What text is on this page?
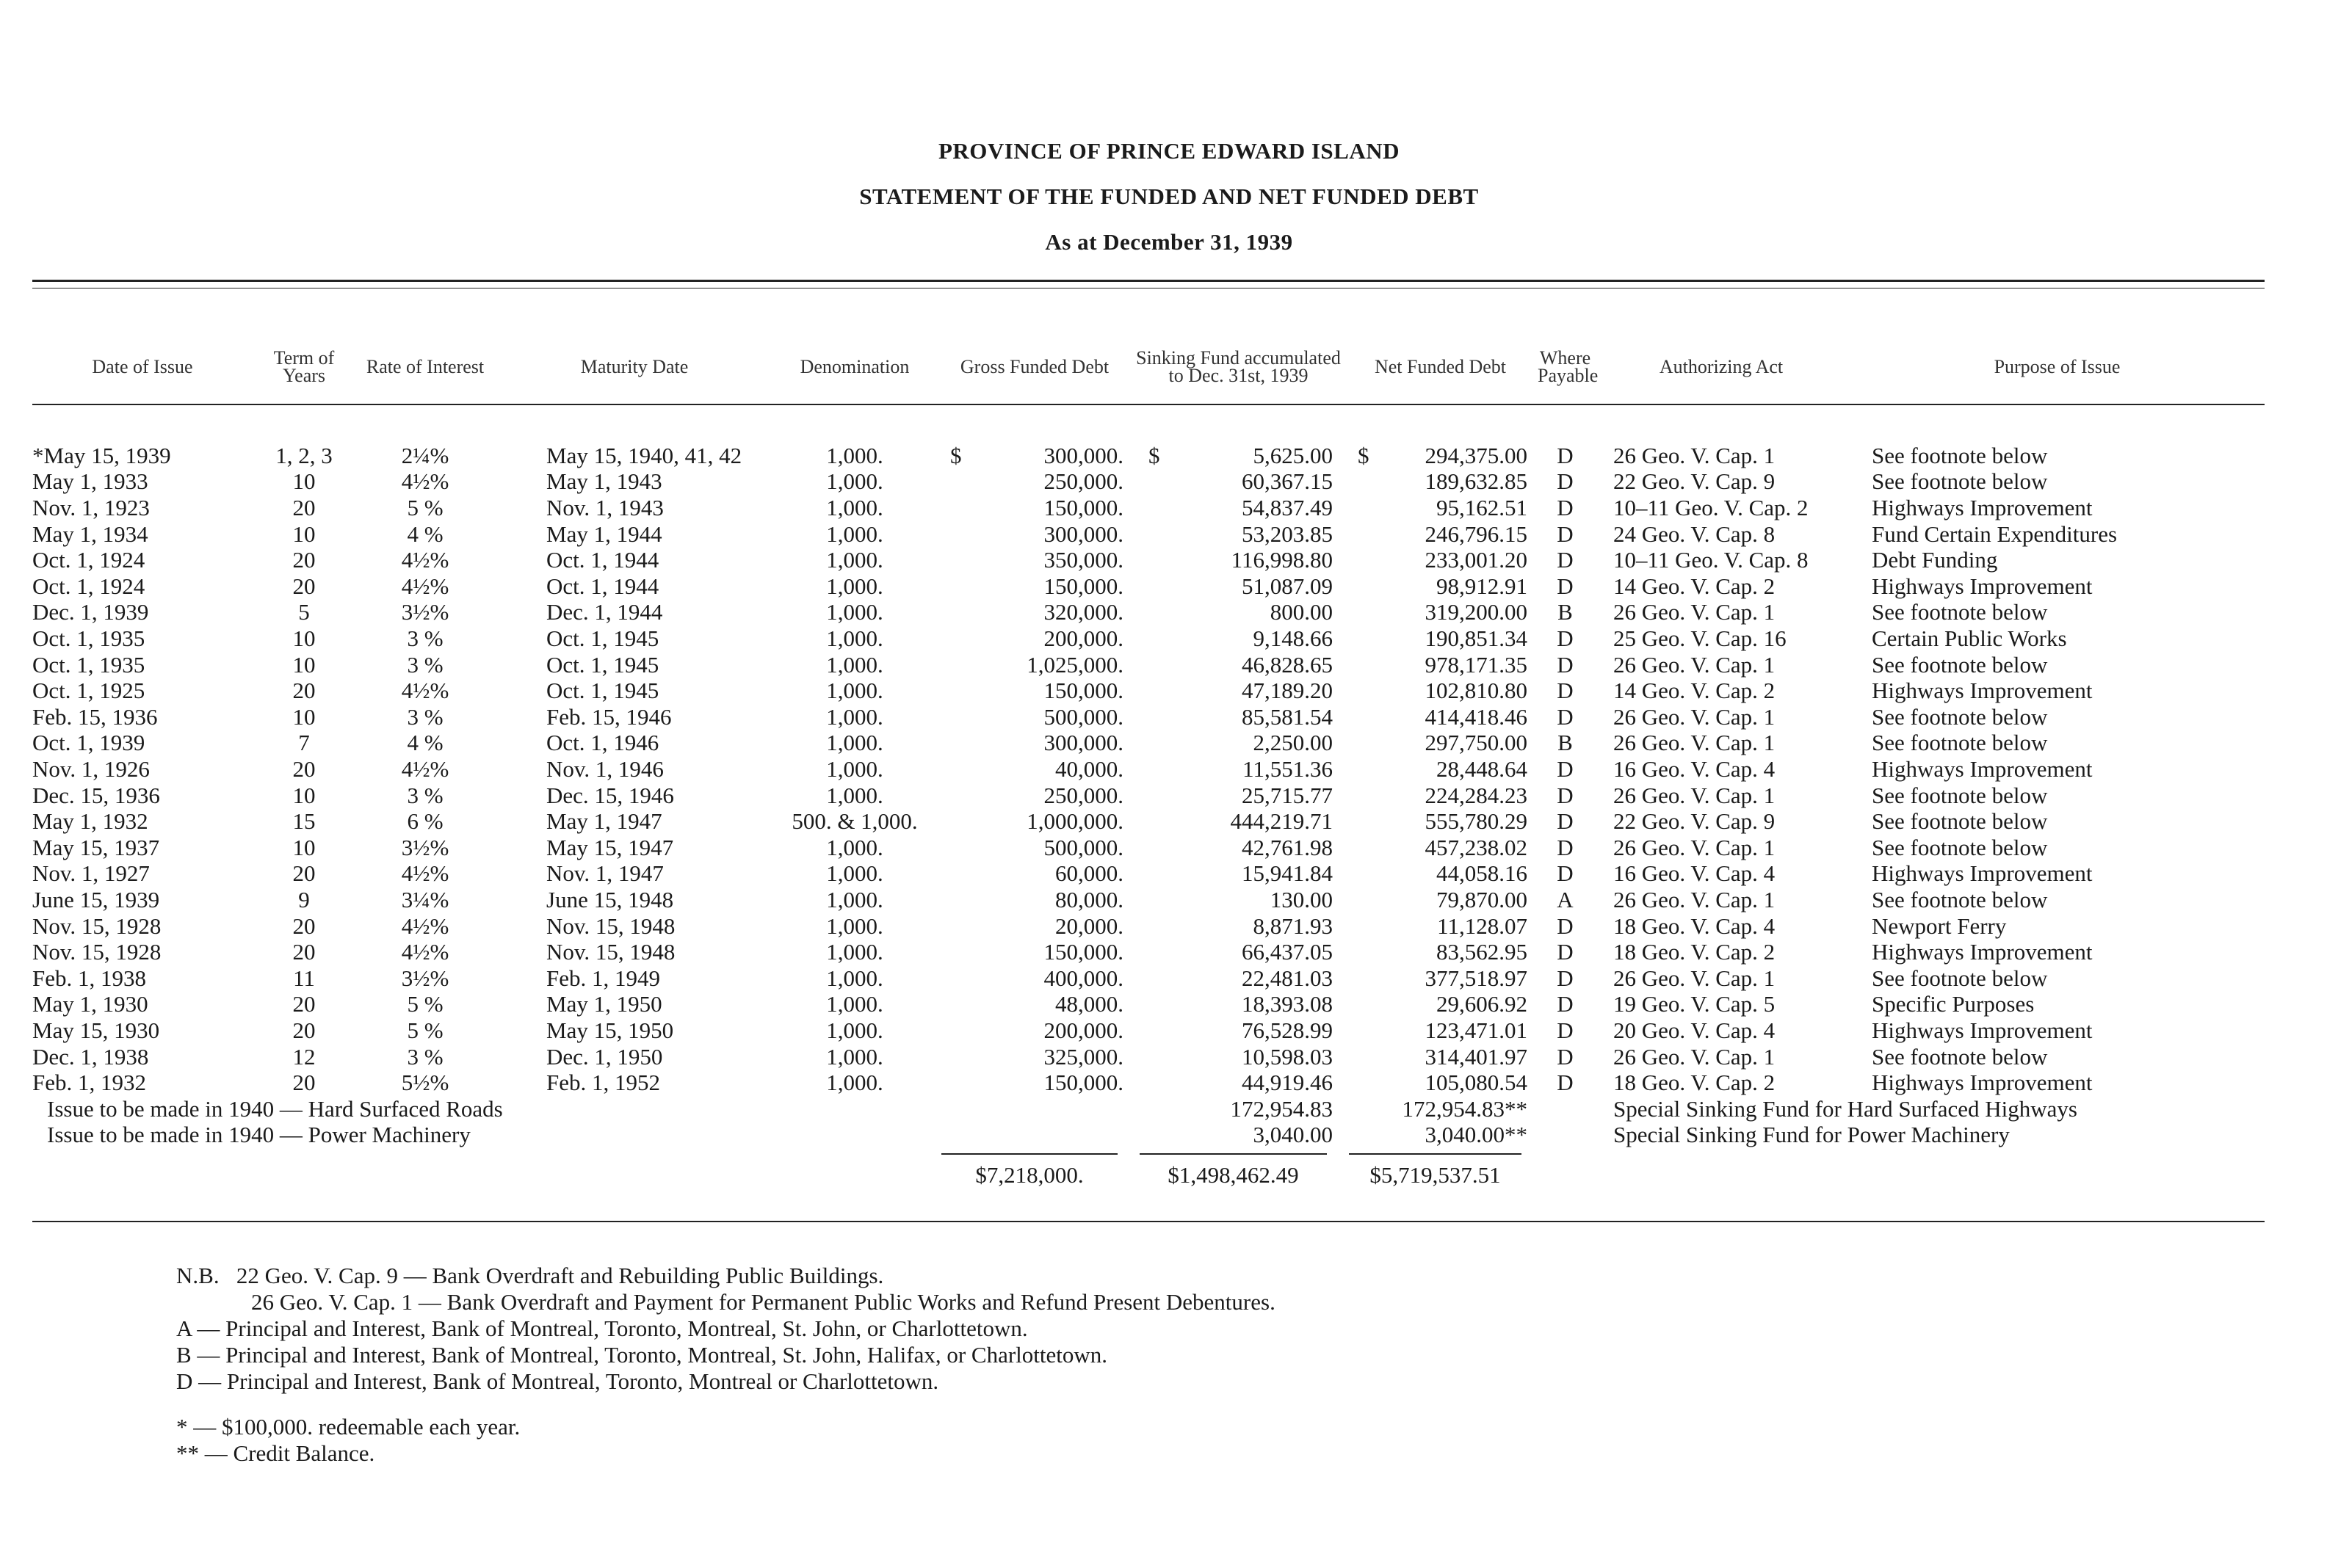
PROVINCE OF PRINCE EDWARD ISLAND
STATEMENT OF THE FUNDED AND NET FUNDED DEBT
As at December 31, 1939
Date of Issue	Term of Years	Rate of Interest	Maturity Date	Denomination	Gross Funded Debt	Sinking Fund accumulated to Dec. 31st, 1939	Net Funded Debt	Where Payable	Authorizing Act	Purpose of Issue

*May 15, 1939	1, 2, 3	2¼%	May 15, 1940, 41, 42	1,000.	$ 300,000.	$ 5,625.00	$ 294,375.00	D	26 Geo. V. Cap. 1	See footnote below
May 1, 1933	10	4½%	May 1, 1943	1,000.	250,000.	60,367.15	189,632.85	D	22 Geo. V. Cap. 9	See footnote below
Nov. 1, 1923	20	5 %	Nov. 1, 1943	1,000.	150,000.	54,837.49	95,162.51	D	10–11 Geo. V. Cap. 2	Highways Improvement
May 1, 1934	10	4 %	May 1, 1944	1,000.	300,000.	53,203.85	246,796.15	D	24 Geo. V. Cap. 8	Fund Certain Expenditures
Oct. 1, 1924	20	4½%	Oct. 1, 1944	1,000.	350,000.	116,998.80	233,001.20	D	10–11 Geo. V. Cap. 8	Debt Funding
Oct. 1, 1924	20	4½%	Oct. 1, 1944	1,000.	150,000.	51,087.09	98,912.91	D	14 Geo. V. Cap. 2	Highways Improvement
Dec. 1, 1939	5	3½%	Dec. 1, 1944	1,000.	320,000.	800.00	319,200.00	B	26 Geo. V. Cap. 1	See footnote below
Oct. 1, 1935	10	3 %	Oct. 1, 1945	1,000.	200,000.	9,148.66	190,851.34	D	25 Geo. V. Cap. 16	Certain Public Works
Oct. 1, 1935	10	3 %	Oct. 1, 1945	1,000.	1,025,000.	46,828.65	978,171.35	D	26 Geo. V. Cap. 1	See footnote below
Oct. 1, 1925	20	4½%	Oct. 1, 1945	1,000.	150,000.	47,189.20	102,810.80	D	14 Geo. V. Cap. 2	Highways Improvement
Feb. 15, 1936	10	3 %	Feb. 15, 1946	1,000.	500,000.	85,581.54	414,418.46	D	26 Geo. V. Cap. 1	See footnote below
Oct. 1, 1939	7	4 %	Oct. 1, 1946	1,000.	300,000.	2,250.00	297,750.00	B	26 Geo. V. Cap. 1	See footnote below
Nov. 1, 1926	20	4½%	Nov. 1, 1946	1,000.	40,000.	11,551.36	28,448.64	D	16 Geo. V. Cap. 4	Highways Improvement
Dec. 15, 1936	10	3 %	Dec. 15, 1946	1,000.	250,000.	25,715.77	224,284.23	D	26 Geo. V. Cap. 1	See footnote below
May 1, 1932	15	6 %	May 1, 1947	500. & 1,000.	1,000,000.	444,219.71	555,780.29	D	22 Geo. V. Cap. 9	See footnote below
May 15, 1937	10	3½%	May 15, 1947	1,000.	500,000.	42,761.98	457,238.02	D	26 Geo. V. Cap. 1	See footnote below
Nov. 1, 1927	20	4½%	Nov. 1, 1947	1,000.	60,000.	15,941.84	44,058.16	D	16 Geo. V. Cap. 4	Highways Improvement
June 15, 1939	9	3¼%	June 15, 1948	1,000.	80,000.	130.00	79,870.00	A	26 Geo. V. Cap. 1	See footnote below
Nov. 15, 1928	20	4½%	Nov. 15, 1948	1,000.	20,000.	8,871.93	11,128.07	D	18 Geo. V. Cap. 4	Newport Ferry
Nov. 15, 1928	20	4½%	Nov. 15, 1948	1,000.	150,000.	66,437.05	83,562.95	D	18 Geo. V. Cap. 2	Highways Improvement
Feb. 1, 1938	11	3½%	Feb. 1, 1949	1,000.	400,000.	22,481.03	377,518.97	D	26 Geo. V. Cap. 1	See footnote below
May 1, 1930	20	5 %	May 1, 1950	1,000.	48,000.	18,393.08	29,606.92	D	19 Geo. V. Cap. 5	Specific Purposes
May 15, 1930	20	5 %	May 15, 1950	1,000.	200,000.	76,528.99	123,471.01	D	20 Geo. V. Cap. 4	Highways Improvement
Dec. 1, 1938	12	3 %	Dec. 1, 1950	1,000.	325,000.	10,598.03	314,401.97	D	26 Geo. V. Cap. 1	See footnote below
Feb. 1, 1932	20	5½%	Feb. 1, 1952	1,000.	150,000.	44,919.46	105,080.54	D	18 Geo. V. Cap. 2	Highways Improvement
Issue to be made in 1940 — Hard Surfaced Roads						172,954.83	172,954.83**		Special Sinking Fund for Hard Surfaced Highways	
Issue to be made in 1940 — Power Machinery						3,040.00	3,040.00**		Special Sinking Fund for Power Machinery	

					$7,218,000.	$1,498,462.49	$5,719,537.51			

N.B. 22 Geo. V. Cap. 9 — Bank Overdraft and Rebuilding Public Buildings.
26 Geo. V. Cap. 1 — Bank Overdraft and Payment for Permanent Public Works and Refund Present Debentures.
A — Principal and Interest, Bank of Montreal, Toronto, Montreal, St. John, or Charlottetown.
B — Principal and Interest, Bank of Montreal, Toronto, Montreal, St. John, Halifax, or Charlottetown.
D — Principal and Interest, Bank of Montreal, Toronto, Montreal or Charlottetown.
* — $100,000. redeemable each year.
** — Credit Balance.
